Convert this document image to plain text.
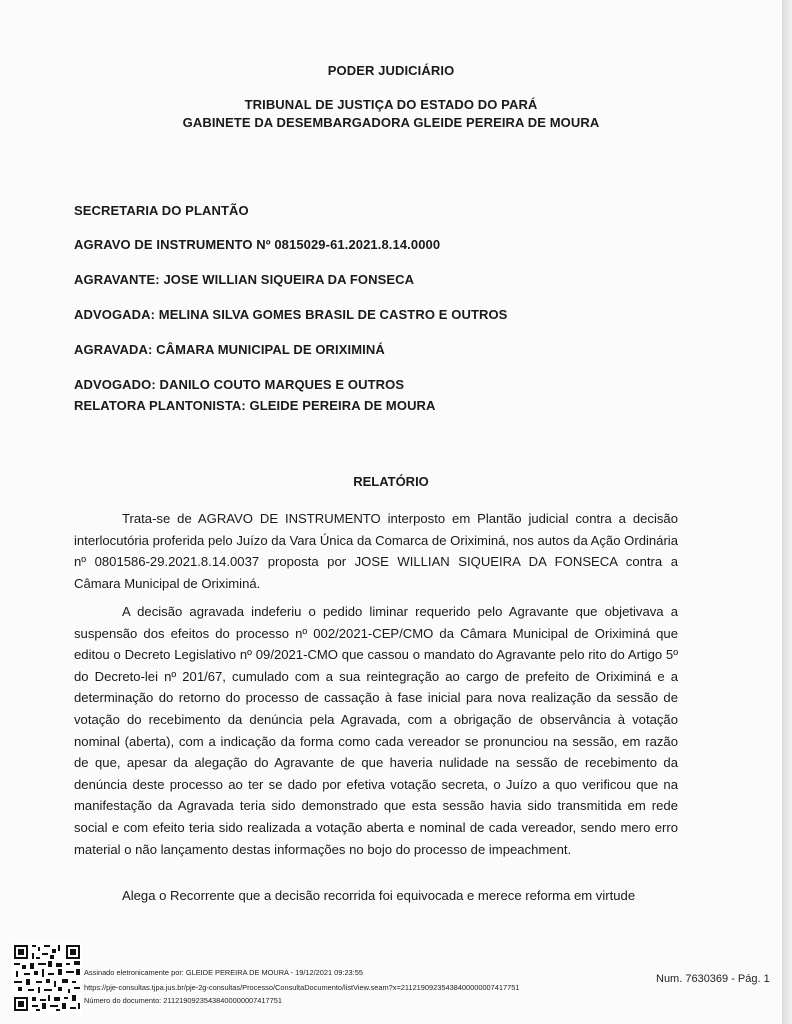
PODER JUDICIÁRIO
TRIBUNAL DE JUSTIÇA DO ESTADO DO PARÁ
GABINETE DA DESEMBARGADORA GLEIDE PEREIRA DE MOURA
SECRETARIA DO PLANTÃO
AGRAVO DE INSTRUMENTO Nº 0815029-61.2021.8.14.0000
AGRAVANTE: JOSE WILLIAN SIQUEIRA DA FONSECA
ADVOGADA: MELINA SILVA GOMES BRASIL DE CASTRO E OUTROS
AGRAVADA: CÂMARA MUNICIPAL DE ORIXIMINÁ
ADVOGADO: DANILO COUTO MARQUES E OUTROS
RELATORA PLANTONISTA: GLEIDE PEREIRA DE MOURA
RELATÓRIO

Trata-se de AGRAVO DE INSTRUMENTO interposto em Plantão judicial contra a decisão interlocutória proferida pelo Juízo da Vara Única da Comarca de Oriximiná, nos autos da Ação Ordinária nº 0801586-29.2021.8.14.0037 proposta por JOSE WILLIAN SIQUEIRA DA FONSECA contra a Câmara Municipal de Oriximiná.

A decisão agravada indeferiu o pedido liminar requerido pelo Agravante que objetivava a suspensão dos efeitos do processo nº 002/2021-CEP/CMO da Câmara Municipal de Oriximiná que editou o Decreto Legislativo nº 09/2021-CMO que cassou o mandato do Agravante pelo rito do Artigo 5º do Decreto-lei nº 201/67, cumulado com a sua reintegração ao cargo de prefeito de Oriximiná e a determinação do retorno do processo de cassação à fase inicial para nova realização da sessão de votação do recebimento da denúncia pela Agravada, com a obrigação de observância à votação nominal (aberta), com a indicação da forma como cada vereador se pronunciou na sessão, em razão de que, apesar da alegação do Agravante de que haveria nulidade na sessão de recebimento da denúncia deste processo ao ter se dado por efetiva votação secreta, o Juízo a quo verificou que na manifestação da Agravada teria sido demonstrado que esta sessão havia sido transmitida em rede social e com efeito teria sido realizada a votação aberta e nominal de cada vereador, sendo mero erro material o não lançamento destas informações no bojo do processo de impeachment.

Alega o Recorrente que a decisão recorrida foi equivocada e merece reforma em virtude

Assinado eletronicamente por: GLEIDE PEREIRA DE MOURA - 19/12/2021 09:23:55
https://pje-consultas.tjpa.jus.br/pje-2g-consultas/Processo/ConsultaDocumento/listView.seam?x=21121909235438400000007417751
Número do documento: 21121909235438400000007417751
Num. 7630369 - Pág. 1
